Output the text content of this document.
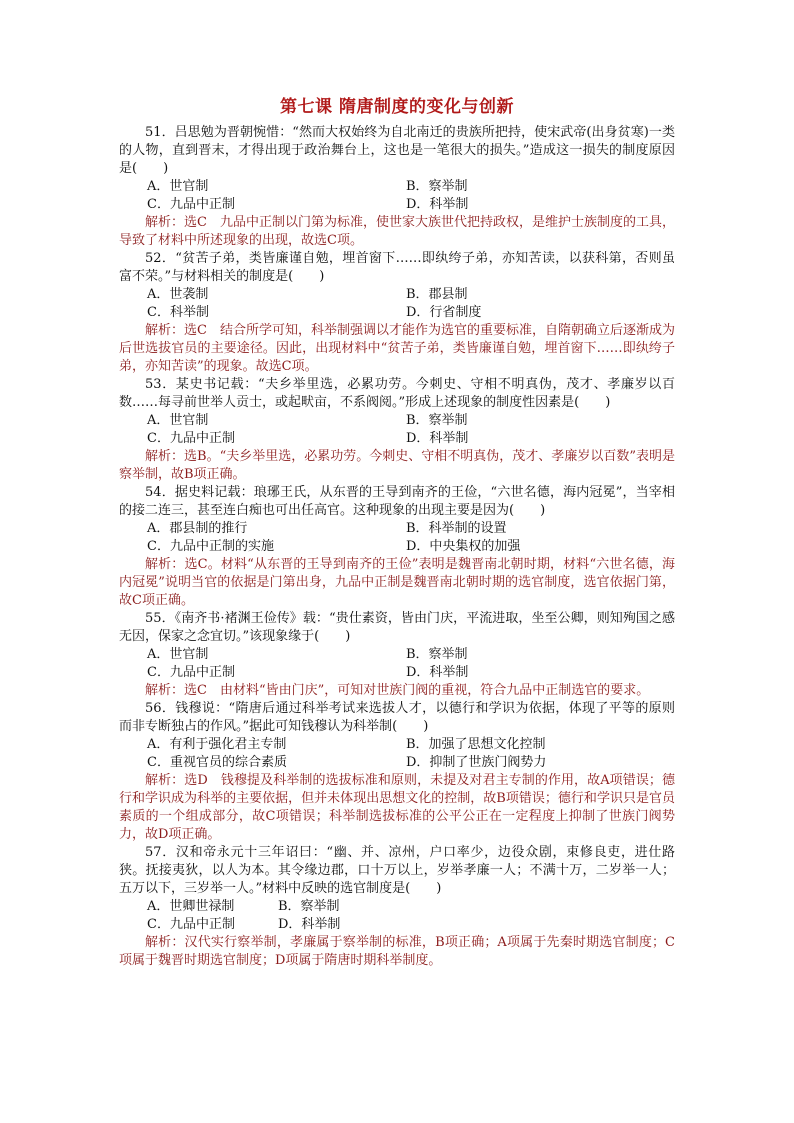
第七课 隋唐制度的变化与创新

51．吕思勉为晋朝惋惜：“然而大权始终为自北南迁的贵族所把持，使宋武帝(出身贫寒)一类的人物，直到晋末，才得出现于政治舞台上，这也是一笔很大的损失。”造成这一损失的制度原因是(　　)

A．世官制	B．察举制
C．九品中正制	D．科举制

解析：选C　九品中正制以门第为标准，使世家大族世代把持政权，是维护士族制度的工具，导致了材料中所述现象的出现，故选C项。

52．“贫苦子弟，类皆廉谨自勉，埋首窗下……即纨绔子弟，亦知苦读，以获科第，否则虽富不荣。”与材料相关的制度是(　　)

A．世袭制	B．郡县制
C．科举制	D．行省制度

解析：选C　结合所学可知，科举制强调以才能作为选官的重要标准，自隋朝确立后逐渐成为后世选拔官员的主要途径。因此，出现材料中“贫苦子弟，类皆廉谨自勉，埋首窗下……即纨绔子弟，亦知苦读”的现象。故选C项。

53．某史书记载：“夫乡举里选，必累功劳。今刺史、守相不明真伪，茂才、孝廉岁以百数……每寻前世举人贡士，或起畎亩，不系阀阅。”形成上述现象的制度性因素是(　　)

A．世官制	B．察举制
C．九品中正制	D．科举制

解析：选B。“夫乡举里选，必累功劳。今刺史、守相不明真伪，茂才、孝廉岁以百数”表明是察举制，故B项正确。

54．据史料记载：琅琊王氏，从东晋的王导到南齐的王俭，“六世名德，海内冠冕”，当宰相的接二连三，甚至连白痴也可出任高官。这种现象的出现主要是因为(　　)

A．郡县制的推行	B．科举制的设置
C．九品中正制的实施	D．中央集权的加强

解析：选C。材料“从东晋的王导到南齐的王俭”表明是魏晋南北朝时期，材料“六世名德，海内冠冕”说明当官的依据是门第出身，九品中正制是魏晋南北朝时期的选官制度，选官依据门第，故C项正确。

55．《南齐书·褚渊王俭传》载：“贵仕素资，皆由门庆，平流进取，坐至公卿，则知殉国之感无因，保家之念宜切。”该现象缘于(　　)

A．世官制	B．察举制
C．九品中正制	D．科举制

解析：选C　由材料“皆由门庆”，可知对世族门阀的重视，符合九品中正制选官的要求。

56．钱穆说：“隋唐后通过科举考试来选拔人才，以德行和学识为依据，体现了平等的原则而非专断独占的作风。”据此可知钱穆认为科举制(　　)

A．有利于强化君主专制	B．加强了思想文化控制
C．重视官员的综合素质	D．抑制了世族门阀势力

解析：选D　钱穆提及科举制的选拔标准和原则，未提及对君主专制的作用，故A项错误；德行和学识成为科举的主要依据，但并未体现出思想文化的控制，故B项错误；德行和学识只是官员素质的一个组成部分，故C项错误；科举制选拔标准的公平公正在一定程度上抑制了世族门阀势力，故D项正确。

57．汉和帝永元十三年诏曰：“幽、并、凉州，户口率少，边役众剧，束修良吏，进仕路狭。抚接夷狄，以人为本。其令缘边郡，口十万以上，岁举孝廉一人；不满十万，二岁举一人；五万以下，三岁举一人。”材料中反映的选官制度是(　　)

A．世卿世禄制	B．察举制
C．九品中正制	D．科举制

解析：汉代实行察举制，孝廉属于察举制的标准，B项正确；A项属于先秦时期选官制度；C项属于魏晋时期选官制度；D项属于隋唐时期科举制度。
